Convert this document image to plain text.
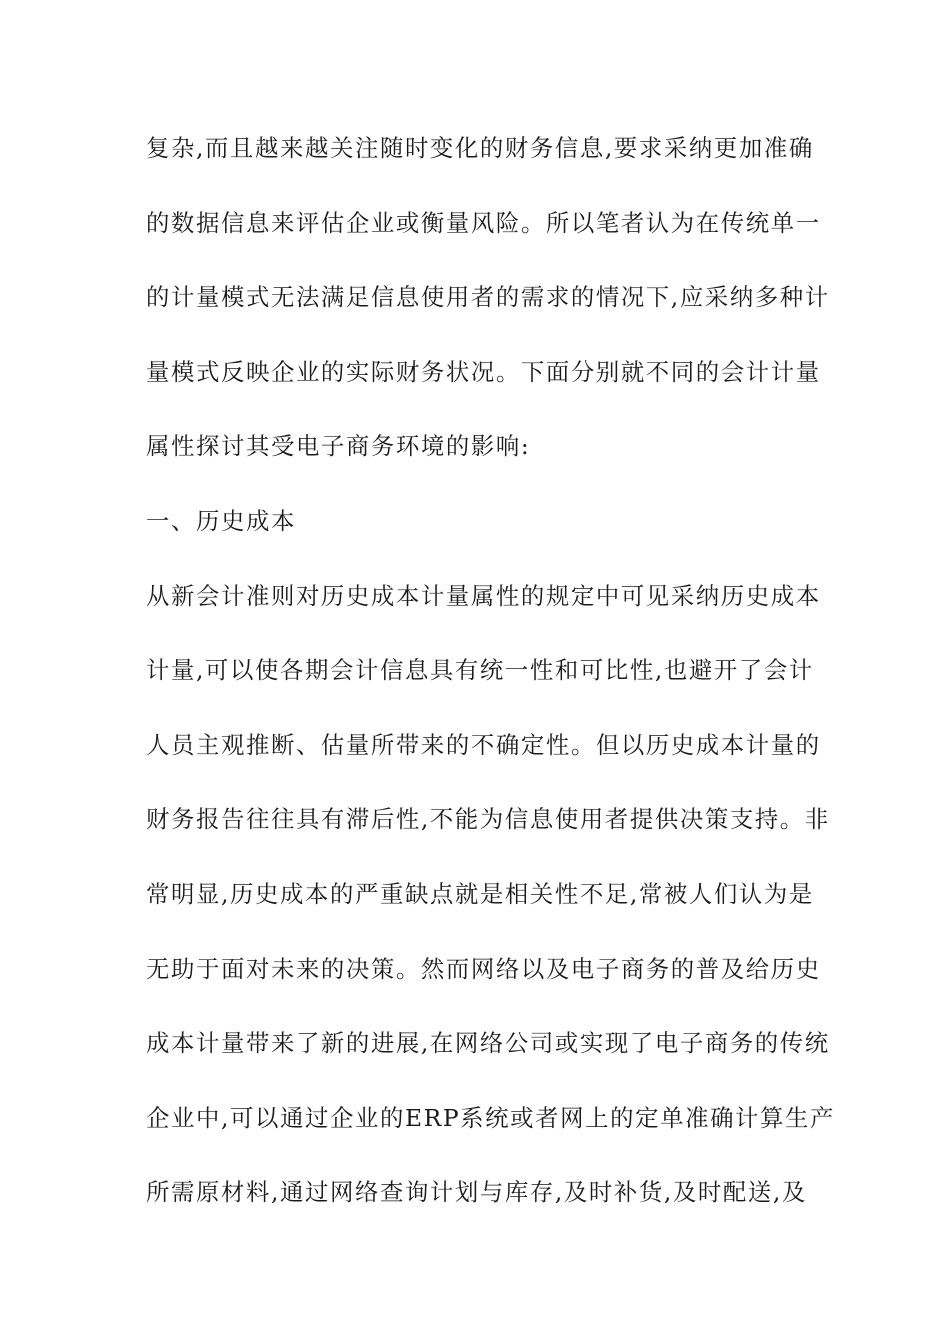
复杂,而且越来越关注随时变化的财务信息,要求采纳更加准确
的数据信息来评估企业或衡量风险。所以笔者认为在传统单一
的计量模式无法满足信息使用者的需求的情况下,应采纳多种计
量模式反映企业的实际财务状况。下面分别就不同的会计计量
属性探讨其受电子商务环境的影响:
一、历史成本
从新会计准则对历史成本计量属性的规定中可见采纳历史成本
计量,可以使各期会计信息具有统一性和可比性,也避开了会计
人员主观推断、估量所带来的不确定性。但以历史成本计量的
财务报告往往具有滞后性,不能为信息使用者提供决策支持。非
常明显,历史成本的严重缺点就是相关性不足,常被人们认为是
无助于面对未来的决策。然而网络以及电子商务的普及给历史
成本计量带来了新的进展,在网络公司或实现了电子商务的传统
企业中,可以通过企业的ERP系统或者网上的定单准确计算生产
所需原材料,通过网络查询计划与库存,及时补货,及时配送,及
